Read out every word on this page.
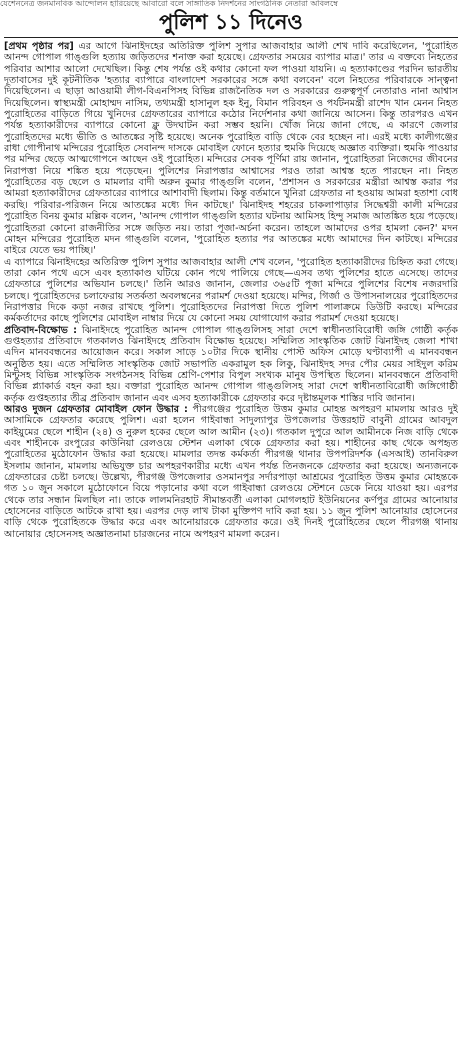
যেশেননেত্র জনমানবিক আন্দোলন হারিয়েছে আবারো বলে সাঙ্গাতিক নিদর্শনের সাংগঠনিক নেতারা অবিলম্বে
পুলিশ ১১ দিনেও

[প্রথম পৃষ্ঠার পর] এর আগে ঝিনাইদহের অতিরিক্ত পুলিশ সুপার আজবাহার আলী শেখ দাবি করেছিলেন, 'পুরোহিত আনন্দ গোপাল গাঙ্গুলি হত্যায় জড়িতদের শনাক্ত করা হয়েছে। গ্রেফতার সময়ের ব্যাপার মাত্র।' তার এ বক্তব্যে নিহতের পরিবার আশার আলো দেখেছিল। কিন্তু শেষ পর্যন্ত ওই কথার কোনো ফল পাওয়া যায়নি। এ হত্যাকাণ্ডের পরদিন ভারতীয় দূতাবাসের দুই কূটনীতিক 'হত্যার ব্যাপারে বাংলাদেশ সরকারের সঙ্গে কথা বলবেন' বলে নিহতের পরিবারকে সান্ত্বনা দিয়েছিলেন। এ ছাড়া আওয়ামী লীগ-বিএনপিসহ বিভিন্ন রাজনৈতিক দল ও সরকারের গুরুত্বপূর্ণ নেতারাও নানা আশ্বাস দিয়েছিলেন। স্বাস্থ্যমন্ত্রী মোহাম্মদ নাসিম, তথ্যমন্ত্রী হাসানুল হক ইনু, বিমান পরিবহন ও পর্যটনমন্ত্রী রাশেদ খান মেনন নিহত পুরোহিতের বাড়িতে গিয়ে খুনিদের গ্রেফতারের ব্যাপারে কঠোর নির্দেশনার কথা জানিয়ে আসেন। কিন্তু তারপরও এখন পর্যন্ত হত্যাকারীদের ব্যাপারে কোনো ক্লু উদঘাটন করা সম্ভব হয়নি। খোঁজ নিয়ে জানা গেছে, এ কারণে জেলার পুরোহিতদের মধ্যে ভীতি ও আতঙ্কের সৃষ্টি হয়েছে। অনেক পুরোহিত বাড়ি থেকে বের হচ্ছেন না। এরই মধ্যে কালীগঞ্জের রাধা গোপীনাথ মন্দিরের পুরোহিত সেবানন্দ দাসকে মোবাইল ফোনে হত্যার হুমকি দিয়েছে অজ্ঞাত ব্যক্তিরা। হুমকি পাওয়ার পর মন্দির ছেড়ে আত্মগোপনে আছেন ওই পুরোহিত। মন্দিরের সেবক পূর্ণিমা রায় জানান, পুরোহিতরা নিজেদের জীবনের নিরাপত্তা নিয়ে শঙ্কিত হয়ে পড়েছেন। পুলিশের নিরাপত্তার আশ্বাসের পরও তারা আশ্বস্ত হতে পারছেন না। নিহত পুরোহিতের বড় ছেলে ও মামলার বাদী অরুন কুমার গাঙ্গুলি বলেন, 'প্রশাসন ও সরকারের মন্ত্রীরা আশ্বস্ত করার পর আমরা হত্যাকারীদের গ্রেফতারের ব্যাপারে আশাবাদী ছিলাম। কিন্তু বর্তমানে খুনিরা গ্রেফতার না হওয়ায় আমরা হতাশা বোধ করছি। পরিবার-পরিজন নিয়ে আতঙ্কের মধ্যে দিন কাটছে।' ঝিনাইদহ শহরের চাকলাপাড়ার সিদ্ধেশ্বরী কালী মন্দিরের পুরোহিত বিনয় কুমার মল্লিক বলেন, 'আনন্দ গোপাল গাঙ্গুলি হত্যার ঘটনায় আমিসহ হিন্দু সমাজ আতঙ্কিত হয়ে পড়েছে। পুরোহিতরা কোনো রাজনীতির সঙ্গে জড়িত নয়। তারা পূজা-অর্চনা করেন। তাহলে আমাদের ওপর হামলা কেন?' মদন মোহন মন্দিরের পুরোহিত মদন গাঙ্গুলি বলেন, 'পুরোহিত হত্যার পর আতঙ্কের মধ্যে আমাদের দিন কাটছে। মন্দিরের বাইরে যেতে ভয় পাচ্ছি।'

এ ব্যাপারে ঝিনাইদহের অতিরিক্ত পুলিশ সুপার আজবাহার আলী শেখ বলেন, 'পুরোহিত হত্যাকারীদের চিহ্নিত করা গেছে। তারা কোন পথে এসে এবং হত্যাকাণ্ড ঘটিয়ে কোন পথে পালিয়ে গেছে—এসব তথ্য পুলিশের হাতে এসেছে। তাদের গ্রেফতারে পুলিশের অভিযান চলছে।' তিনি আরও জানান, জেলার ৩৬৫টি পূজা মন্দিরে পুলিশের বিশেষ নজরদারি চলছে। পুরোহিতদের চলাফেরায় সতর্কতা অবলম্বনের পরামর্শ দেওয়া হয়েছে। মন্দির, গির্জা ও উপাসনালয়ের পুরোহিতদের নিরাপত্তার দিকে কড়া নজর রাখছে পুলিশ। পুরোহিতদের নিরাপত্তা দিতে পুলিশ পালাক্রমে ডিউটি করছে। মন্দিরের কর্মকর্তাদের কাছে পুলিশের মোবাইল নাম্বার দিয়ে যে কোনো সময় যোগাযোগ করার পরামর্শ দেওয়া হয়েছে।

প্রতিবাদ-বিক্ষোভ : ঝিনাইদহে পুরোহিত আনন্দ গোপাল গাঙ্গুলিসহ সারা দেশে স্বাধীনতাবিরোধী জঙ্গি গোষ্ঠী কর্তৃক গুপ্তহত্যার প্রতিবাদে গতকালও ঝিনাইদহে প্রতিবাদ বিক্ষোভ হয়েছে। সম্মিলিত সাংস্কৃতিক জোট ঝিনাইদহ জেলা শাখা এদিন মানববন্ধনের আয়োজন করে। সকাল সাড়ে ১০টার দিকে স্থানীয় পোস্ট অফিস মোড়ে ঘণ্টাব্যাপী এ মানববন্ধন অনুষ্ঠিত হয়। এতে সম্মিলিত সাংস্কৃতিক জোট সভাপতি একরামুল হক লিকু, ঝিনাইদহ সদর পৌর মেয়র সাইদুল করিম মিন্টুসহ বিভিন্ন সাংস্কৃতিক সংগঠনসহ বিভিন্ন শ্রেণি-পেশার বিপুল সংখ্যক মানুষ উপস্থিত ছিলেন। মানববন্ধনে প্রতিবাদী বিভিন্ন প্ল্যাকার্ড বহন করা হয়। বক্তারা পুরোহিত আনন্দ গোপাল গাঙ্গুলিসহ সারা দেশে স্বাধীনতাবিরোধী জঙ্গিগোষ্ঠী কর্তৃক গুপ্তহত্যার তীব্র প্রতিবাদ জানান এবং এসব হত্যাকারীকে গ্রেফতার করে দৃষ্টান্তমূলক শাস্তির দাবি জানান।

আরও দুজন গ্রেফতার মোবাইল ফোন উদ্ধার : পীরগঞ্জের পুরোহিত উত্তম কুমার মোহন্ত অপহরণ মামলায় আরও দুই আসামিকে গ্রেফতার করেছে পুলিশ। এরা হলেন গাইবান্ধা সাদুল্যাপুর উপজেলার উত্তরহাট বাবুনী গ্রামের আবদুল কাইয়ুমের ছেলে শাহীন (২৪) ও নুরুল হকের ছেলে আল আমীন (২৩)। গতকাল দুপুরে আল আমীনকে নিজ বাড়ি থেকে এবং শাহীনকে রংপুরের কাউনিয়া রেলওয়ে স্টেশন এলাকা থেকে গ্রেফতার করা হয়। শাহীনের কাছ থেকে অপহৃত পুরোহিতের মুঠোফোন উদ্ধার করা হয়েছে। মামলার তদন্ত কর্মকর্তা পীরগঞ্জ থানার উপপরিদর্শক (এসআই) তানবিরুল ইসলাম জানান, মামলায় অভিযুক্ত চার অপহরণকারীর মধ্যে এখন পর্যন্ত তিনজনকে গ্রেফতার করা হয়েছে। অন্যজনকে গ্রেফতারের চেষ্টা চলছে। উল্লেখ্য, পীরগঞ্জ উপজেলার ওসমানপুর সর্দারপাড়া আশ্রমের পুরোহিত উত্তম কুমার মোহন্তকে গত ১০ জুন সকালে মুঠোফোনে বিয়ে পড়ানোর কথা বলে গাইবান্ধা রেলওয়ে স্টেশনে ডেকে নিয়ে যাওয়া হয়। এরপর থেকে তার সন্ধান মিলছিল না। তাকে লালমনিরহাট সীমান্তবর্তী এলাকা মোগলহাট ইউনিয়নের কর্ণপুর গ্রামের আনোয়ার হোসেনের বাড়িতে আটকে রাখা হয়। এরপর দেড় লাখ টাকা মুক্তিপণ দাবি করা হয়। ১১ জুন পুলিশ আনোয়ার হোসেনের বাড়ি থেকে পুরোহিতকে উদ্ধার করে এবং আনোয়ারকে গ্রেফতার করে। ওই দিনই পুরোহিতের ছেলে পীরগঞ্জ থানায় আনোয়ার হোসেনসহ অজ্ঞাতনামা চারজনের নামে অপহরণ মামলা করেন।
